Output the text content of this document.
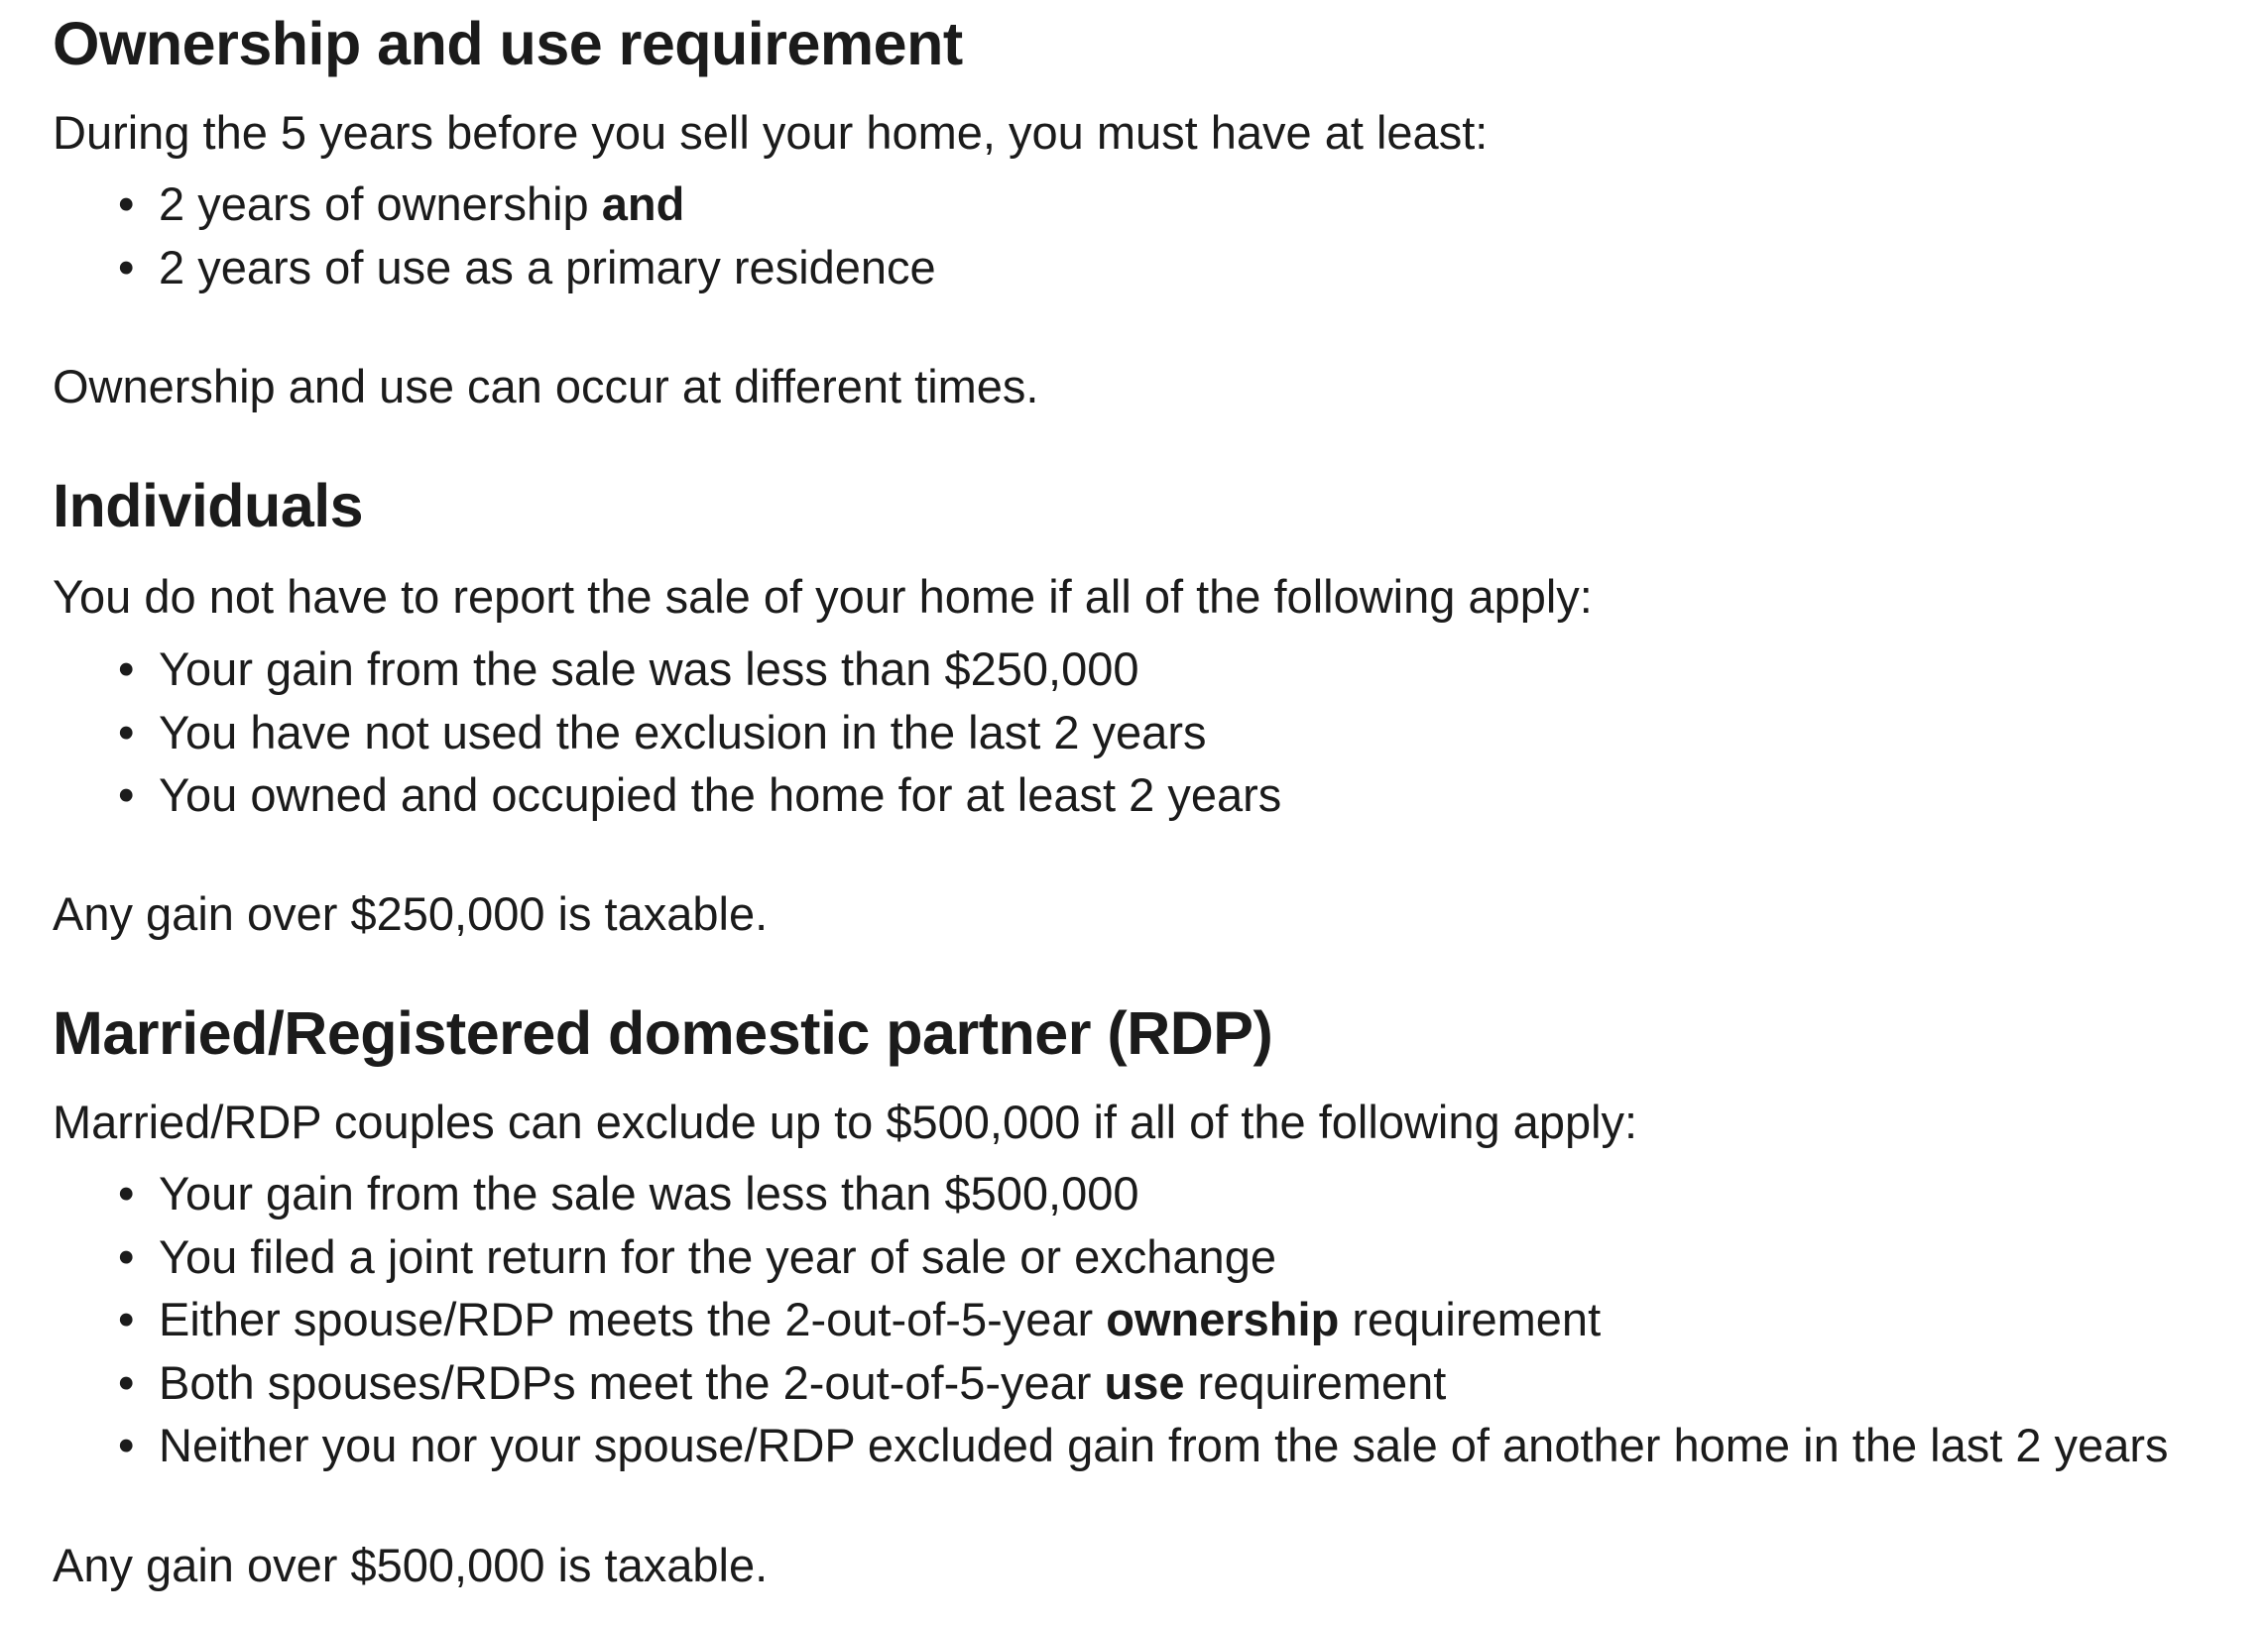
Ownership and use requirement

During the 5 years before you sell your home, you must have at least:

• 2 years of ownership and
• 2 years of use as a primary residence

Ownership and use can occur at different times.

Individuals

You do not have to report the sale of your home if all of the following apply:

• Your gain from the sale was less than $250,000
• You have not used the exclusion in the last 2 years
• You owned and occupied the home for at least 2 years

Any gain over $250,000 is taxable.

Married/Registered domestic partner (RDP)

Married/RDP couples can exclude up to $500,000 if all of the following apply:

• Your gain from the sale was less than $500,000
• You filed a joint return for the year of sale or exchange
• Either spouse/RDP meets the 2-out-of-5-year ownership requirement
• Both spouses/RDPs meet the 2-out-of-5-year use requirement
• Neither you nor your spouse/RDP excluded gain from the sale of another home in the last 2 years

Any gain over $500,000 is taxable.
